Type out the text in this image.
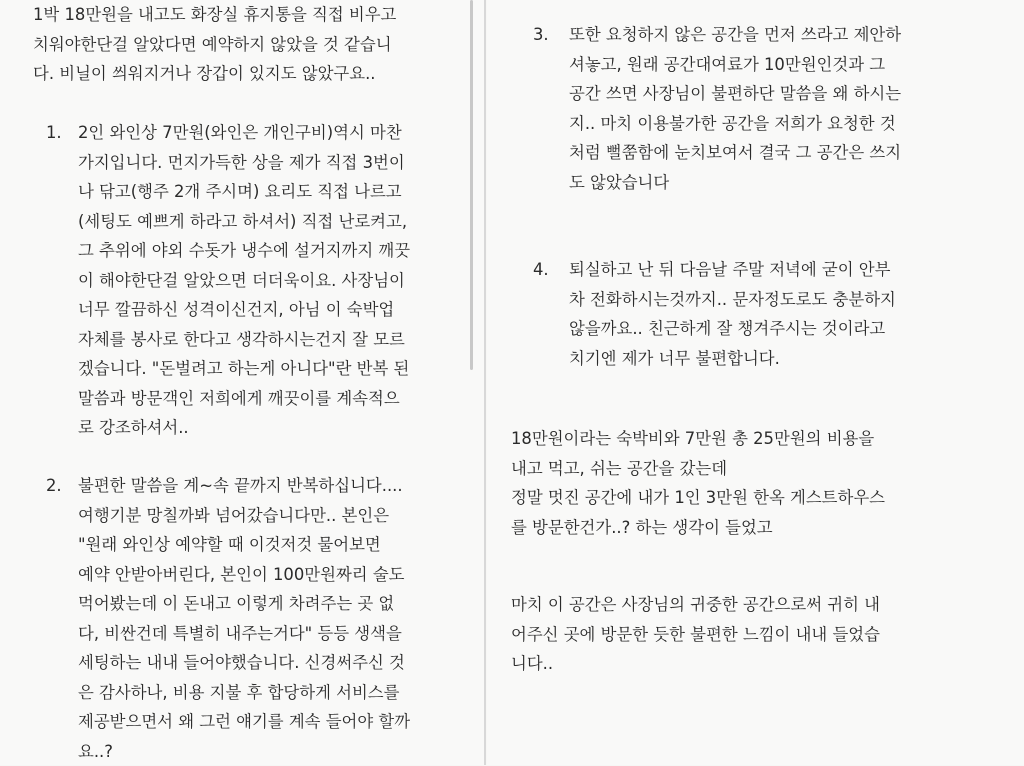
1박 18만원을 내고도 화장실 휴지통을 직접 비우고
치워야한단걸 알았다면 예약하지 않았을 것 같습니
다. 비닐이 씌워지거나 장갑이 있지도 않았구요..
1. 2인 와인상 7만원(와인은 개인구비)역시 마찬
가지입니다. 먼지가득한 상을 제가 직접 3번이
나 닦고(행주 2개 주시며) 요리도 직접 나르고
(세팅도 예쁘게 하라고 하셔서) 직접 난로켜고,
그 추위에 야외 수돗가 냉수에 설거지까지 깨끗
이 해야한단걸 알았으면 더더욱이요. 사장님이
너무 깔끔하신 성격이신건지, 아님 이 숙박업
자체를 봉사로 한다고 생각하시는건지 잘 모르
겠습니다. "돈벌려고 하는게 아니다"란 반복 된
말씀과 방문객인 저희에게 깨끗이를 계속적으
로 강조하셔서..
2. 불편한 말씀을 계~속 끝까지 반복하십니다....
여행기분 망칠까봐 넘어갔습니다만.. 본인은
"원래 와인상 예약할 때 이것저것 물어보면
예약 안받아버린다, 본인이 100만원짜리 술도
먹어봤는데 이 돈내고 이렇게 차려주는 곳 없
다, 비싼건데 특별히 내주는거다" 등등 생색을
세팅하는 내내 들어야했습니다. 신경써주신 것
은 감사하나, 비용 지불 후 합당하게 서비스를
제공받으면서 왜 그런 얘기를 계속 들어야 할까
요..?
3. 또한 요청하지 않은 공간을 먼저 쓰라고 제안하
셔놓고, 원래 공간대여료가 10만원인것과 그
공간 쓰면 사장님이 불편하단 말씀을 왜 하시는
지.. 마치 이용불가한 공간을 저희가 요청한 것
처럼 뻘쭘함에 눈치보여서 결국 그 공간은 쓰지
도 않았습니다
4. 퇴실하고 난 뒤 다음날 주말 저녁에 굳이 안부
차 전화하시는것까지.. 문자정도로도 충분하지
않을까요.. 친근하게 잘 챙겨주시는 것이라고
치기엔 제가 너무 불편합니다.
18만원이라는 숙박비와 7만원 총 25만원의 비용을
내고 먹고, 쉬는 공간을 갔는데
정말 멋진 공간에 내가 1인 3만원 한옥 게스트하우스
를 방문한건가..? 하는 생각이 들었고
마치 이 공간은 사장님의 귀중한 공간으로써 귀히 내
어주신 곳에 방문한 듯한 불편한 느낌이 내내 들었습
니다..
